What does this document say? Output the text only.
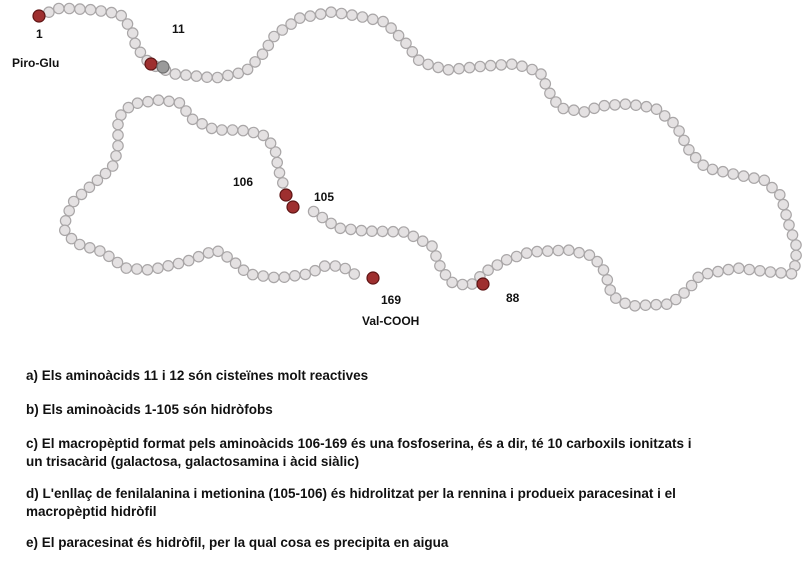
1
Piro-Glu
11
106
105
169
Val-COOH
88
a) Els aminoàcids 11 i 12 són cisteïnes molt reactives
b) Els aminoàcids 1-105 són hidròfobs
c) El macropèptid format pels aminoàcids 106-169 és una fosfoserina, és a dir, té 10 carboxils ionitzats i
un trisacàrid (galactosa, galactosamina i àcid siàlic)
d) L'enllaç de fenilalanina i metionina (105-106) és hidrolitzat per la rennina i produeix paracesinat i el
macropèptid hidròfil
e) El paracesinat és hidròfil, per la qual cosa es precipita en aigua
